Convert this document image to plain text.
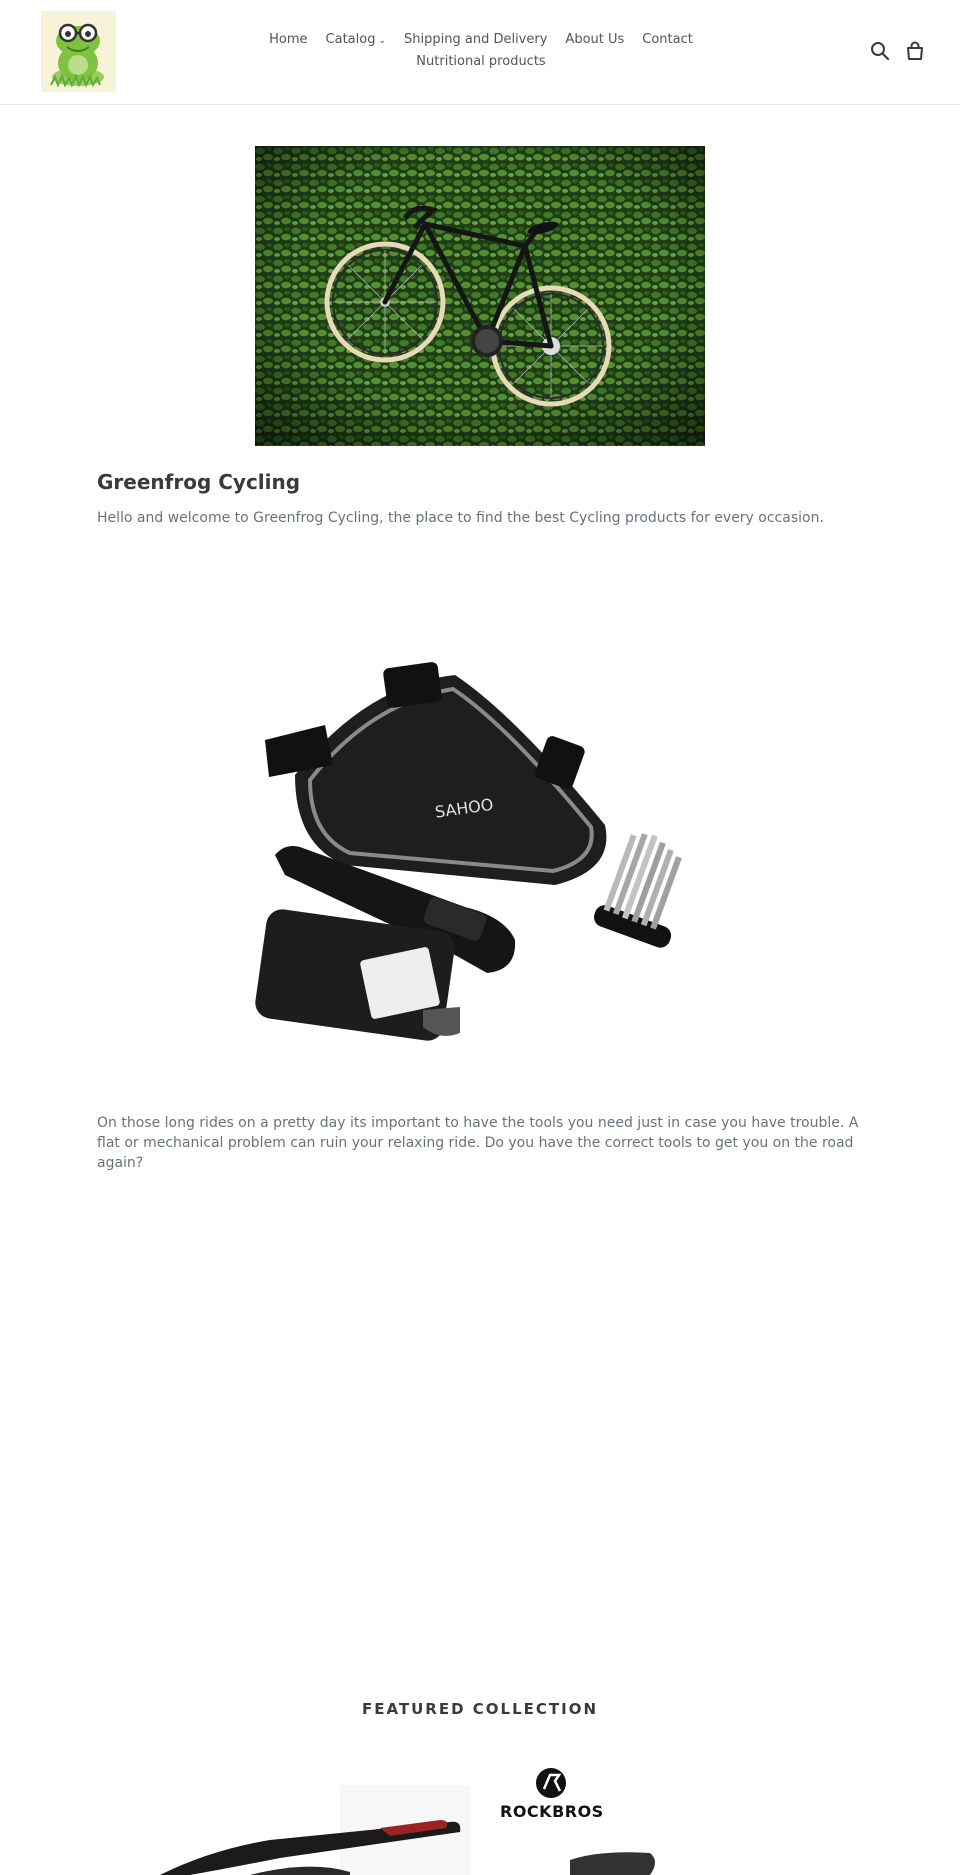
Home Catalog ⌄ Shipping and Delivery About Us Contact
Nutritional products
Greenfrog Cycling

Hello and welcome to Greenfrog Cycling, the place to find the best Cycling products for every occasion.

SAHOO

On those long rides on a pretty day its important to have the tools you need just in case you have trouble. A flat or mechanical problem can ruin your relaxing ride. Do you have the correct tools to get you on the road again?

FEATURED COLLECTION
ROCKBROS
